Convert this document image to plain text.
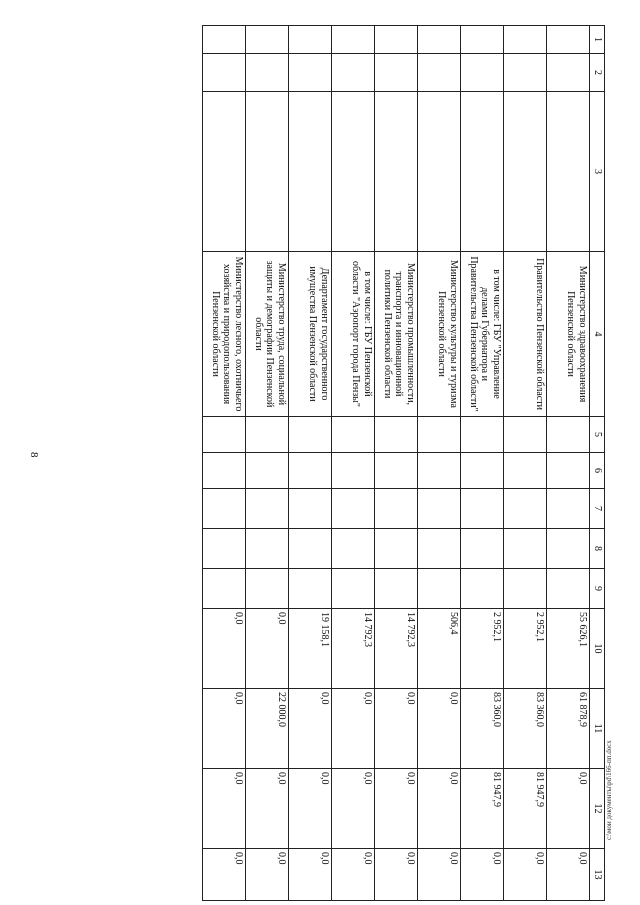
8
1	2	3	4	5	6	7	8	9	10	11	12	13
			Министерство здравоохранения Пензенской области						55 626,1	61 878,9	0,0	0,0
			Правительство Пензенской области						2 952,1	83 360,0	81 947,9	0,0
			в том числе: ГБУ "Управление делами Губернатора и Правительства Пензенской области"						2 952,1	83 360,0	81 947,9	0,0
			Министерство культуры и туризма Пензенской области						506,4	0,0	0,0	0,0
			Министерство промышленности, транспорта и инновационной политики Пензенской области						14 792,3	0,0	0,0	0,0
			в том числе: ГБУ Пензенской области "Аэропорт города Пензы"						14 792,3	0,0	0,0	0,0
			Департамент государственного имущества Пензенской области						19 158,1	0,0	0,0	0,0
			Министерство труда, социальной защиты и демографии Пензенской области						0,0	22 000,0	0,0	0,0
			Министерство лесного, охотничьего хозяйства и природопользования Пензенской области						0,0	0,0	0,0	0,0
c:\мои документы\pd\166-пп.docx
